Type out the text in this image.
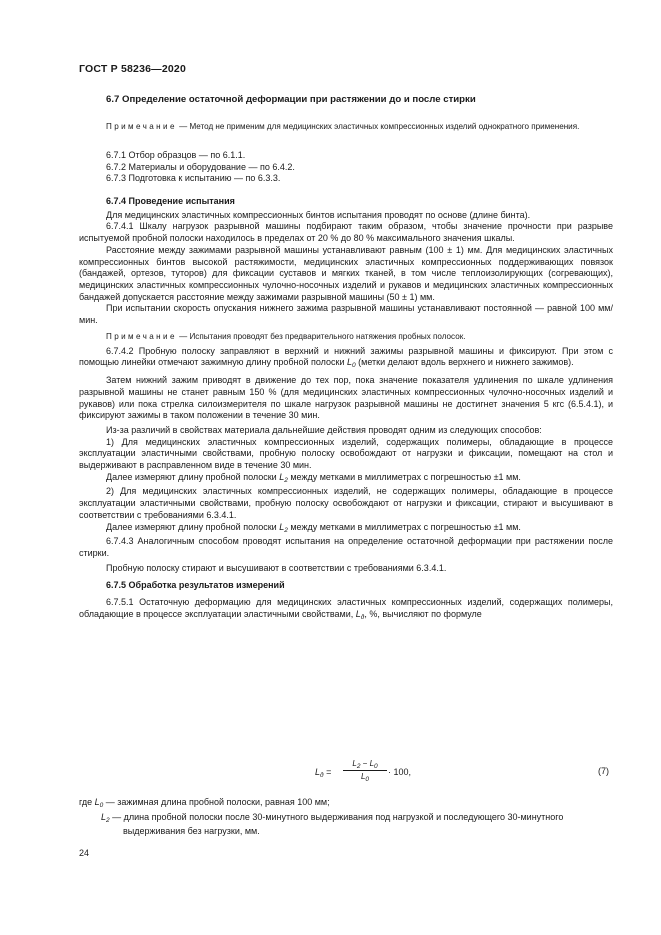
ГОСТ Р 58236—2020
6.7 Определение остаточной деформации при растяжении до и после стирки

Примечание — Метод не применим для медицинских эластичных компрессионных изделий однократного применения.

6.7.1 Отбор образцов — по 6.1.1.

6.7.2 Материалы и оборудование — по 6.4.2.

6.7.3 Подготовка к испытанию — по 6.3.3.

6.7.4 Проведение испытания

Для медицинских эластичных компрессионных бинтов испытания проводят по основе (длине бинта).

6.7.4.1 Шкалу нагрузок разрывной машины подбирают таким образом, чтобы значение прочности при разрыве испытуемой пробной полоски находилось в пределах от 20 % до 80 % максимального значения шкалы.

Расстояние между зажимами разрывной машины устанавливают равным (100 ± 1) мм. Для медицинских эластичных компрессионных бинтов высокой растяжимости, медицинских эластичных компрессионных поддерживающих повязок (бандажей, ортезов, туторов) для фиксации суставов и мягких тканей, в том числе теплоизолирующих (согревающих), медицинских эластичных компрессионных чулочно-носочных изделий и рукавов и медицинских эластичных компрессионных бандажей допускается расстояние между зажимами разрывной машины (50 ± 1) мм.

При испытании скорость опускания нижнего зажима разрывной машины устанавливают постоянной — равной 100 мм/мин.

Примечание — Испытания проводят без предварительного натяжения пробных полосок.

6.7.4.2 Пробную полоску заправляют в верхний и нижний зажимы разрывной машины и фиксируют. При этом с помощью линейки отмечают зажимную длину пробной полоски $L_0$ (метки делают вдоль верхнего и нижнего зажимов).

Затем нижний зажим приводят в движение до тех пор, пока значение показателя удлинения по шкале удлинения разрывной машины не станет равным 150 % (для медицинских эластичных компрессионных чулочно-носочных изделий и рукавов) или пока стрелка силоизмерителя по шкале нагрузок разрывной машины не достигнет значения 5 кгс (6.5.4.1), и фиксируют зажимы в таком положении в течение 30 мин.

Из-за различий в свойствах материала дальнейшие действия проводят одним из следующих способов:

1) Для медицинских эластичных компрессионных изделий, содержащих полимеры, обладающие в процессе эксплуатации эластичными свойствами, пробную полоску освобождают от нагрузки и фиксации, помещают на стол и выдерживают в расправленном виде в течение 30 мин.

Далее измеряют длину пробной полоски $L_2$ между метками в миллиметрах с погрешностью ±1 мм.

2) Для медицинских эластичных компрессионных изделий, не содержащих полимеры, обладающие в процессе эксплуатации эластичными свойствами, пробную полоску освобождают от нагрузки и фиксации, стирают и высушивают в соответствии с требованиями 6.3.4.1.

Далее измеряют длину пробной полоски $L_2$ между метками в миллиметрах с погрешностью ±1 мм.

6.7.4.3 Аналогичным способом проводят испытания на определение остаточной деформации при растяжении после стирки.

Пробную полоску стирают и высушивают в соответствии с требованиями 6.3.4.1.

6.7.5 Обработка результатов измерений

6.7.5.1 Остаточную деформацию для медицинских эластичных компрессионных изделий, содержащих полимеры, обладающие в процессе эксплуатации эластичными свойствами, $L_д$, %, вычисляют по формуле

$L_д$ =
$L_2 - L_0$
$L_0$
· 100,	(7)
где $L_0$ — зажимная длина пробной полоски, равная 100 мм;
$L_2$ — длина пробной полоски после 30-минутного выдерживания под нагрузкой и последующего 30-минутного выдерживания без нагрузки, мм.
24
